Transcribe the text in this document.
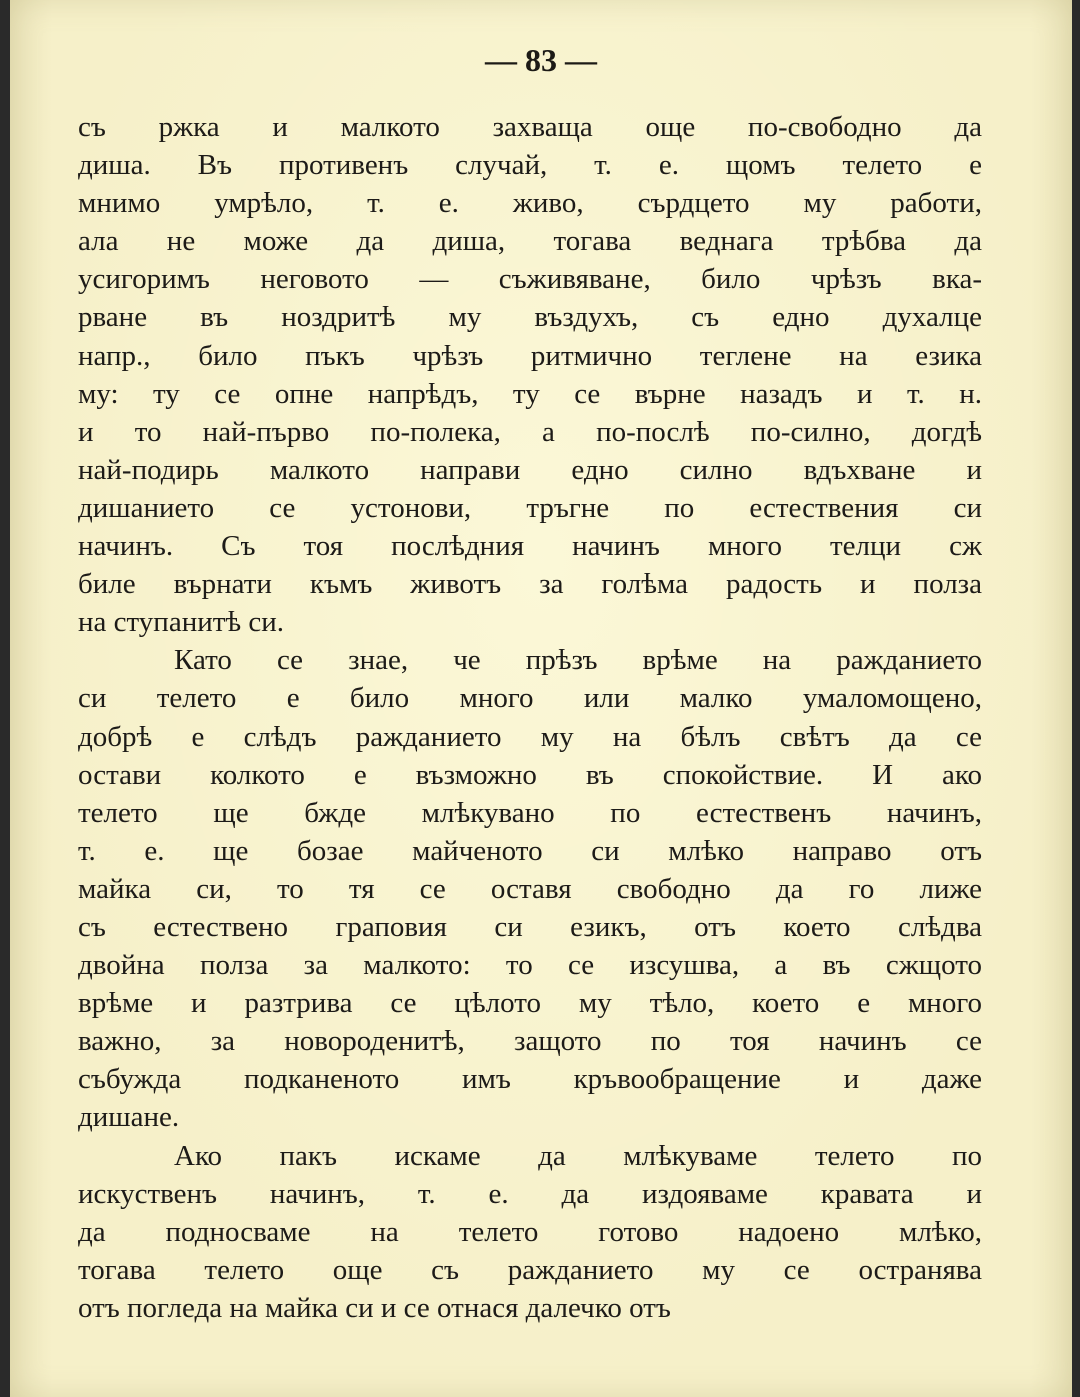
— 83 —
съ ржка и малкото захваща още по-свободно да
диша. Въ противенъ случай, т. е. щомъ телето е
мнимо умрѣло, т. е. живо, сърдцето му работи,
ала не може да диша, тогава веднага трѣбва да
усигоримъ неговото — съживяване, било чрѣзъ вка-
рване въ ноздритѣ му въздухъ, съ едно духалце
напр., било пъкъ чрѣзъ ритмично теглене на езика
му: ту се опне напрѣдъ, ту се върне назадъ и т. н.
и то най-първо по-полека, а по-послѣ по-силно, догдѣ
най-подирь малкото направи едно силно вдъхване и
дишанието се устонови, тръгне по естествения си
начинъ. Съ тоя послѣдния начинъ много телци сж
биле върнати къмъ животъ за голѣма радость и полза
на ступанитѣ си.
Като се знае, че прѣзъ врѣме на ражданието
си телето е било много или малко умаломощено,
добрѣ е слѣдъ ражданието му на бѣлъ свѣтъ да се
остави колкото е възможно въ спокойствие. И ако
телето ще бжде млѣкувано по естественъ начинъ,
т. е. ще бозае майченото си млѣко направо отъ
майка си, то тя се оставя свободно да го лиже
съ естествено граповия си езикъ, отъ което слѣдва
двойна полза за малкото: то се изсушва, а въ сжщото
врѣме и разтрива се цѣлото му тѣло, което е много
важно, за новороденитѣ, защото по тоя начинъ се
събужда подканеното имъ кръвообращение и даже
дишане.
Ако пакъ искаме да млѣкуваме телето по
искуственъ начинъ, т. е. да издояваме кравата и
да подносваме на телето готово надоено млѣко,
тогава телето още съ ражданието му се остранява
отъ погледа на майка си и се отнася далечко отъ
